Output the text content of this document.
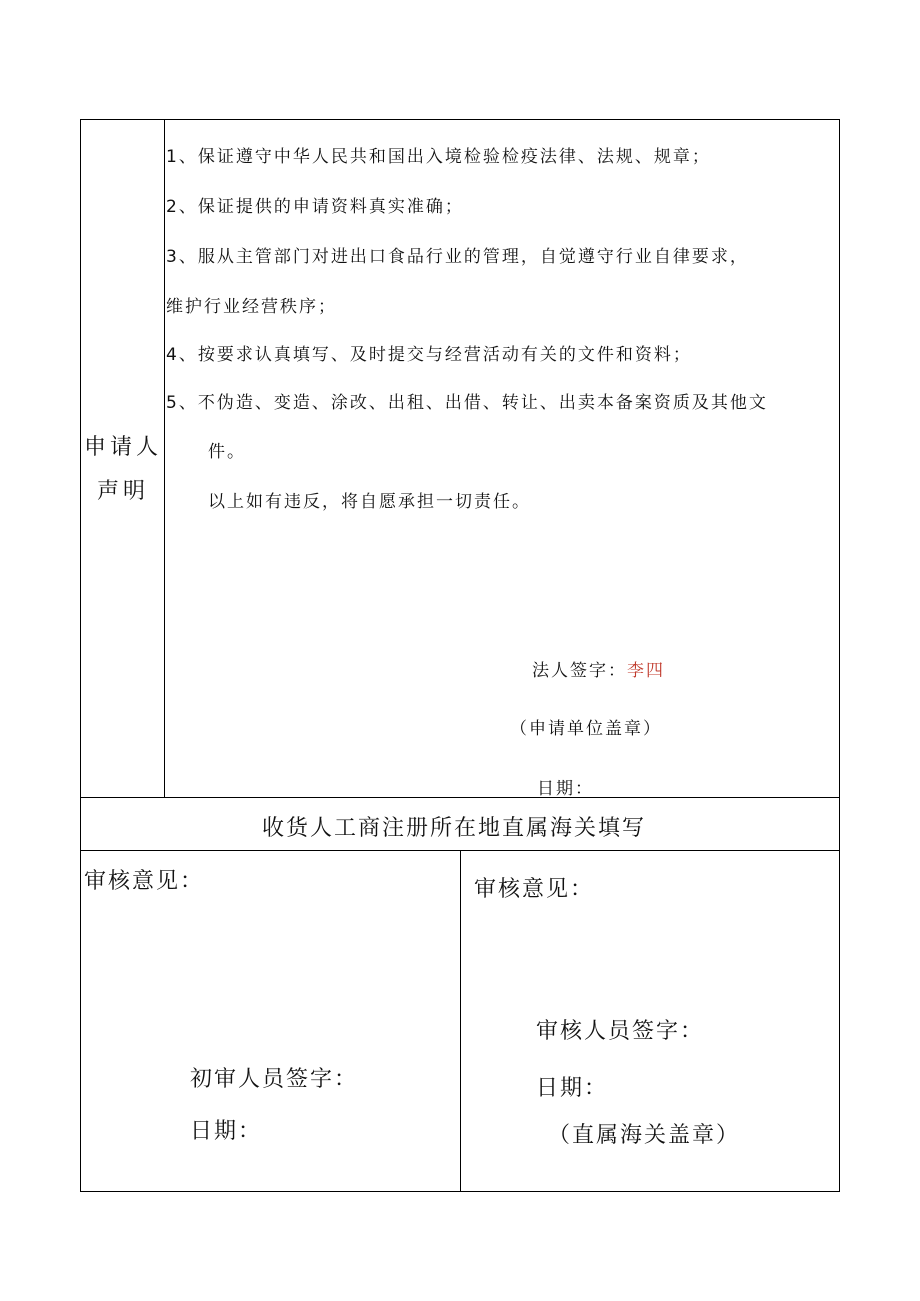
申请人
声明
1、保证遵守中华人民共和国出入境检验检疫法律、法规、规章；
2、保证提供的申请资料真实准确；
3、服从主管部门对进出口食品行业的管理，自觉遵守行业自律要求，
维护行业经营秩序；
4、按要求认真填写、及时提交与经营活动有关的文件和资料；
5、不伪造、变造、涂改、出租、出借、转让、出卖本备案资质及其他文
件。
以上如有违反，将自愿承担一切责任。
法人签字：李四
（申请单位盖章）
日期：
收货人工商注册所在地直属海关填写
审核意见：
初审人员签字：
日期：
审核意见：
审核人员签字：
日期：
（直属海关盖章）
